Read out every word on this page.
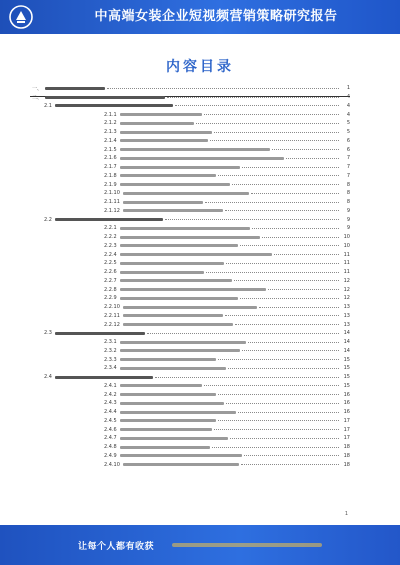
中高端女装企业短视频营销策略研究报告
内容目录
一、	1
二、	4
2.1	4
2.1.1	4
2.1.2	5
2.1.3	5
2.1.4	6
2.1.5	6
2.1.6	7
2.1.7	7
2.1.8	7
2.1.9	8
2.1.10	8
2.1.11	8
2.1.12	9
2.2	9
2.2.1	9
2.2.2	10
2.2.3	10
2.2.4	11
2.2.5	11
2.2.6	11
2.2.7	12
2.2.8	12
2.2.9	12
2.2.10	13
2.2.11	13
2.2.12	13
2.3	14
2.3.1	14
2.3.2	14
2.3.3	15
2.3.4	15
2.4	15
2.4.1	15
2.4.2	16
2.4.3	16
2.4.4	16
2.4.5	17
2.4.6	17
2.4.7	17
2.4.8	18
2.4.9	18
2.4.10	18
1
让每个人都有收获
